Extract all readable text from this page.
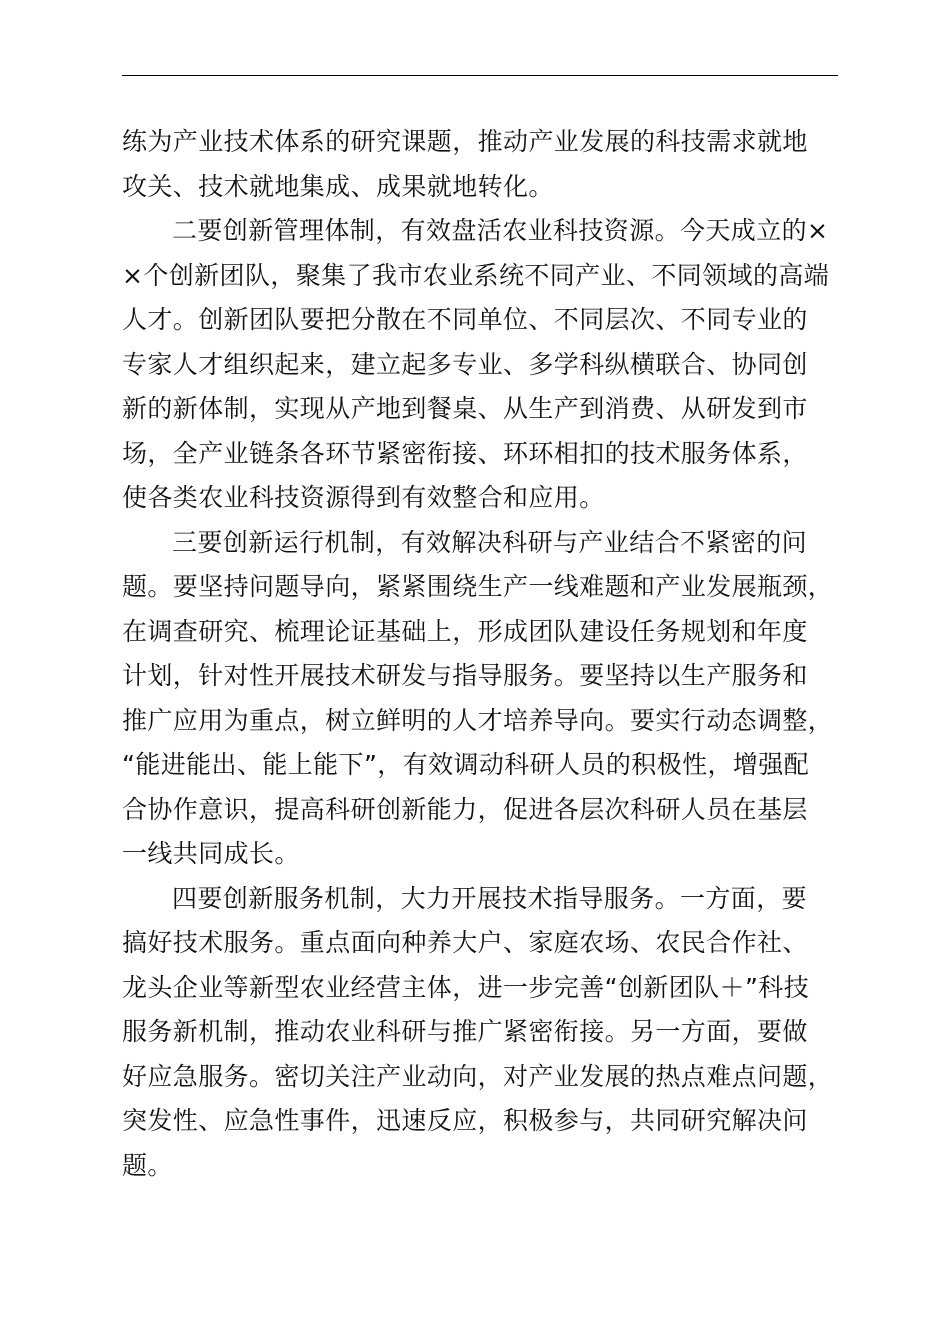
练为产业技术体系的研究课题，推动产业发展的科技需求就地
攻关、技术就地集成、成果就地转化。
二要创新管理体制，有效盘活农业科技资源。今天成立的×
×个创新团队，聚集了我市农业系统不同产业、不同领域的高端
人才。创新团队要把分散在不同单位、不同层次、不同专业的
专家人才组织起来，建立起多专业、多学科纵横联合、协同创
新的新体制，实现从产地到餐桌、从生产到消费、从研发到市
场，全产业链条各环节紧密衔接、环环相扣的技术服务体系，
使各类农业科技资源得到有效整合和应用。
三要创新运行机制，有效解决科研与产业结合不紧密的问
题。要坚持问题导向，紧紧围绕生产一线难题和产业发展瓶颈，
在调查研究、梳理论证基础上，形成团队建设任务规划和年度
计划，针对性开展技术研发与指导服务。要坚持以生产服务和
推广应用为重点，树立鲜明的人才培养导向。要实行动态调整，
“能进能出、能上能下”，有效调动科研人员的积极性，增强配
合协作意识，提高科研创新能力，促进各层次科研人员在基层
一线共同成长。
四要创新服务机制，大力开展技术指导服务。一方面，要
搞好技术服务。重点面向种养大户、家庭农场、农民合作社、
龙头企业等新型农业经营主体，进一步完善“创新团队＋”科技
服务新机制，推动农业科研与推广紧密衔接。另一方面，要做
好应急服务。密切关注产业动向，对产业发展的热点难点问题，
突发性、应急性事件，迅速反应，积极参与，共同研究解决问
题。
